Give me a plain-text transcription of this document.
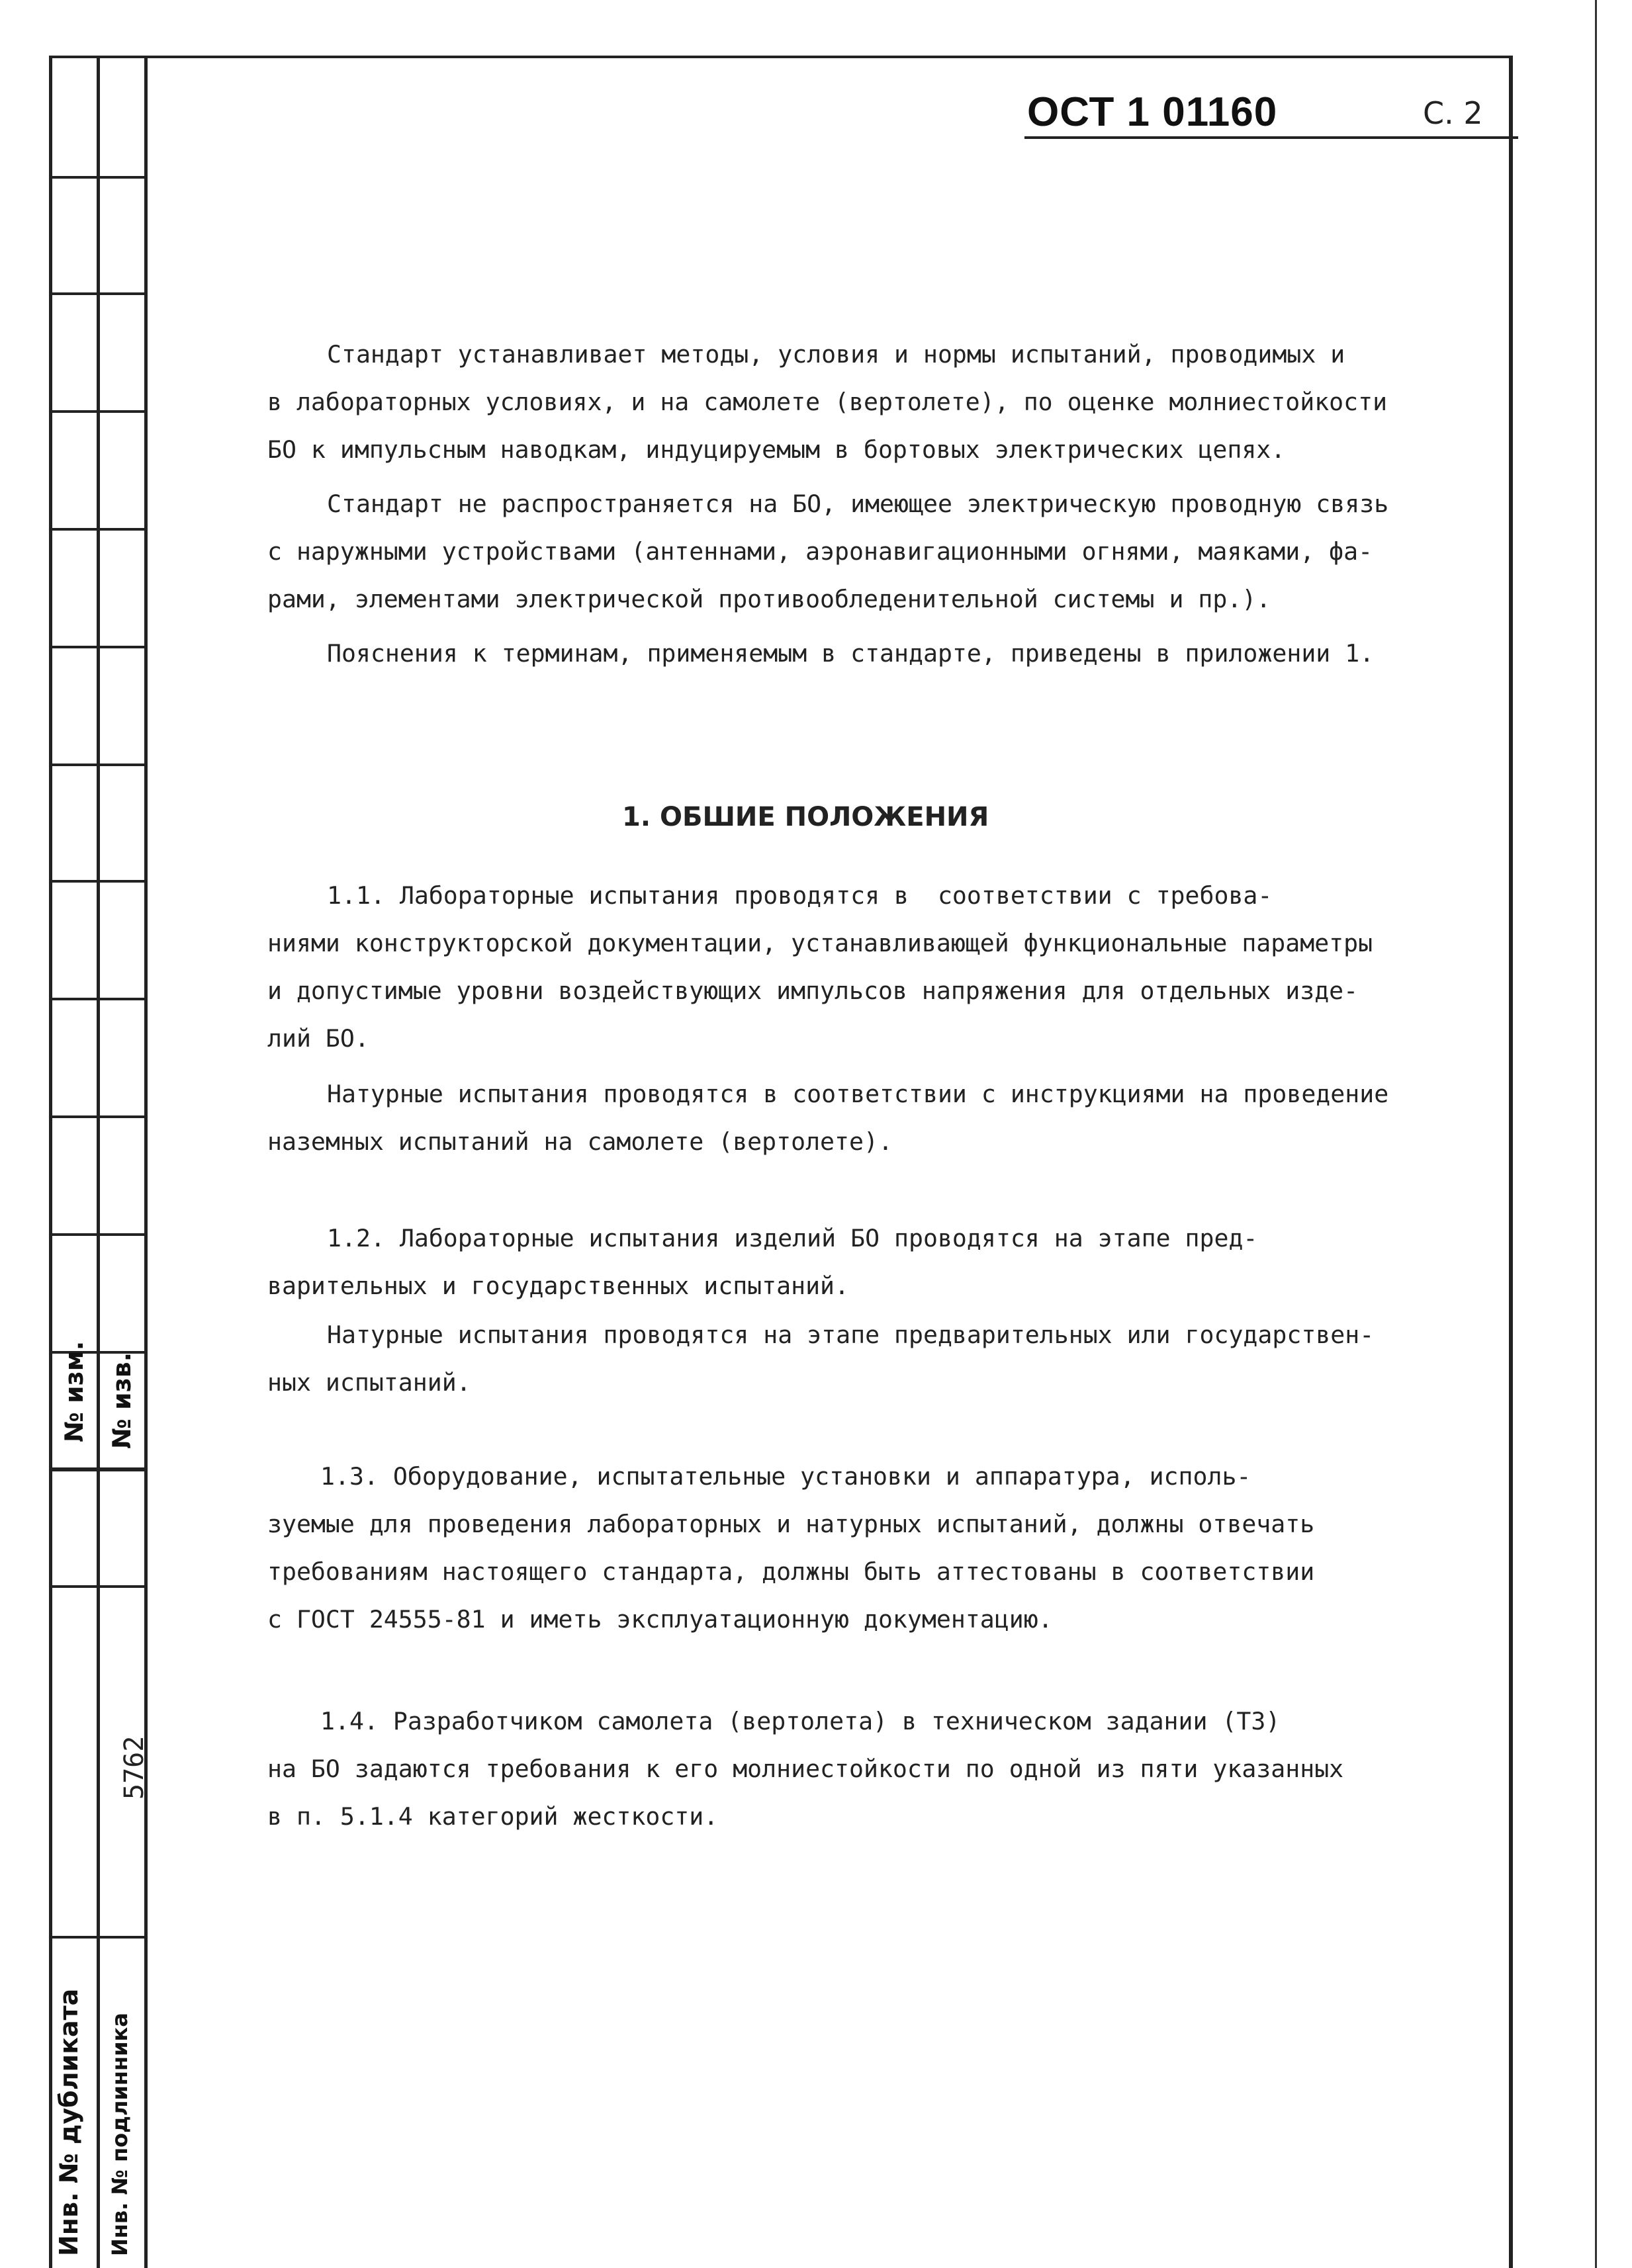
№ изм. № изв.
5762
Инв. № дубликата Инв. № подлинника
ОСТ 1 01160	С. 2

Стандарт устанавливает методы, условия и нормы испытаний, проводимых и
в лабораторных условиях, и на самолете (вертолете), по оценке молниестойкости
БО к импульсным наводкам, индуцируемым в бортовых электрических цепях.

Стандарт не распространяется на БО, имеющее электрическую проводную связь
с наружными устройствами (антеннами, аэронавигационными огнями, маяками, фа-
рами, элементами электрической противообледенительной системы и пр.).

Пояснения к терминам, применяемым в стандарте, приведены в приложении 1.

1. ОБШИЕ ПОЛОЖЕНИЯ

1.1. Лабораторные испытания проводятся в  соответствии с требова-
ниями конструкторской документации, устанавливающей функциональные параметры
и допустимые уровни воздействующих импульсов напряжения для отдельных изде-
лий БО.

Натурные испытания проводятся в соответствии с инструкциями на проведение
наземных испытаний на самолете (вертолете).

1.2. Лабораторные испытания изделий БО проводятся на этапе пред-
варительных и государственных испытаний.

Натурные испытания проводятся на этапе предварительных или государствен-
ных испытаний.

1.3. Оборудование, испытательные установки и аппаратура, исполь-
зуемые для проведения лабораторных и натурных испытаний, должны отвечать
требованиям настоящего стандарта, должны быть аттестованы в соответствии
с ГОСТ 24555-81 и иметь эксплуатационную документацию.

1.4. Разработчиком самолета (вертолета) в техническом задании (ТЗ)
на БО задаются требования к его молниестойкости по одной из пяти указанных
в п. 5.1.4 категорий жесткости.
